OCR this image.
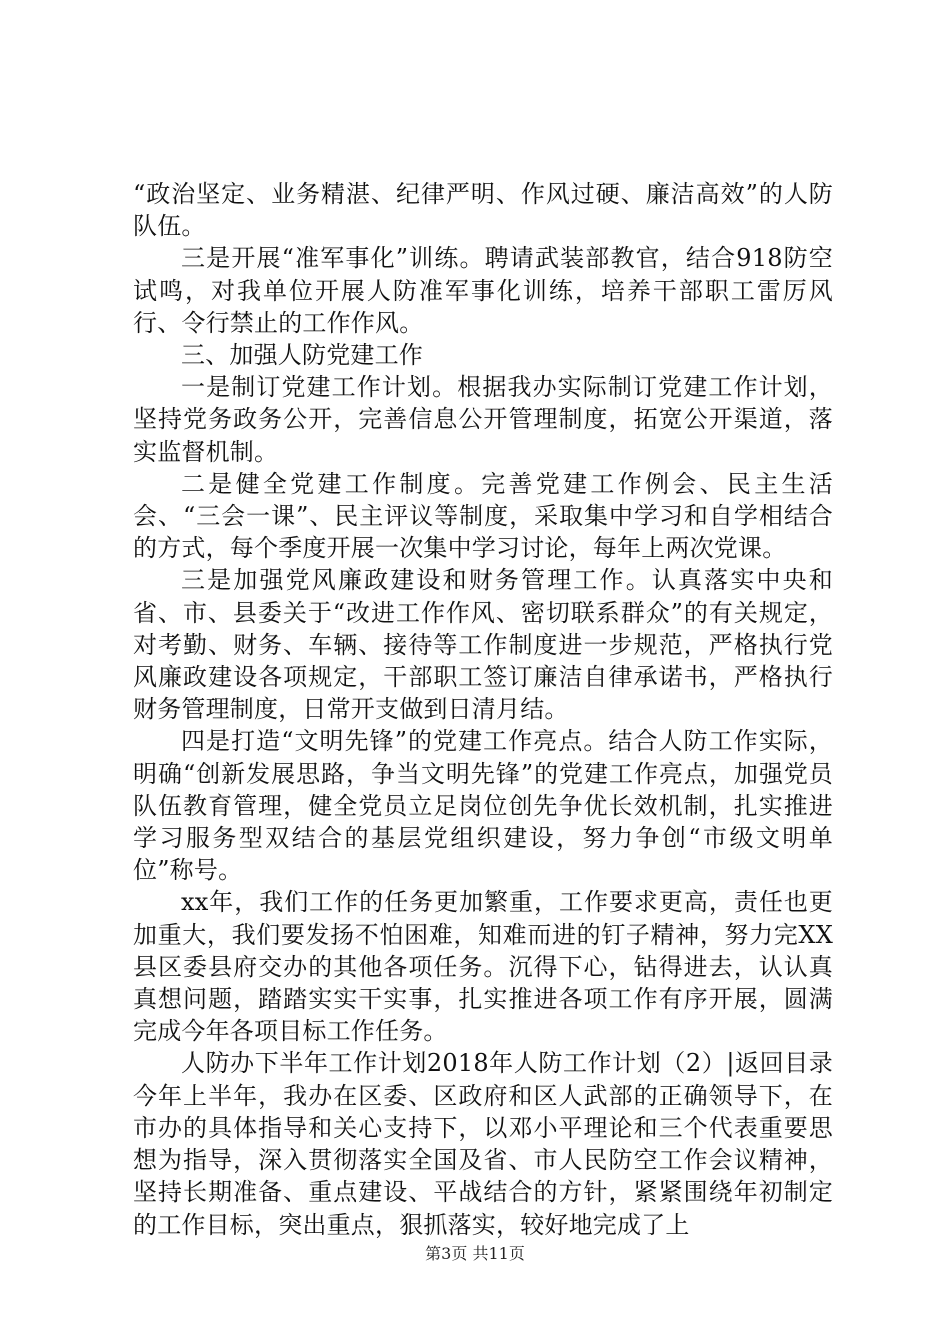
“政治坚定、业务精湛、纪律严明、作风过硬、廉洁高效”的人防队伍。

三是开展“准军事化”训练。聘请武装部教官，结合918防空试鸣，对我单位开展人防准军事化训练，培养干部职工雷厉风行、令行禁止的工作作风。

三、加强人防党建工作

一是制订党建工作计划。根据我办实际制订党建工作计划，坚持党务政务公开，完善信息公开管理制度，拓宽公开渠道，落实监督机制。

二是健全党建工作制度。完善党建工作例会、民主生活会、“三会一课”、民主评议等制度，采取集中学习和自学相结合的方式，每个季度开展一次集中学习讨论，每年上两次党课。

三是加强党风廉政建设和财务管理工作。认真落实中央和省、市、县委关于“改进工作作风、密切联系群众”的有关规定，对考勤、财务、车辆、接待等工作制度进一步规范，严格执行党风廉政建设各项规定，干部职工签订廉洁自律承诺书，严格执行财务管理制度，日常开支做到日清月结。

四是打造“文明先锋”的党建工作亮点。结合人防工作实际，明确“创新发展思路，争当文明先锋”的党建工作亮点，加强党员队伍教育管理，健全党员立足岗位创先争优长效机制，扎实推进学习服务型双结合的基层党组织建设，努力争创“市级文明单位”称号。

xx年，我们工作的任务更加繁重，工作要求更高，责任也更加重大，我们要发扬不怕困难，知难而进的钉子精神，努力完XX县区委县府交办的其他各项任务。沉得下心，钻得进去，认认真真想问题，踏踏实实干实事，扎实推进各项工作有序开展，圆满完成今年各项目标工作任务。

人防办下半年工作计划2018年人防工作计划（2）|返回目录今年上半年，我办在区委、区政府和区人武部的正确领导下，在市办的具体指导和关心支持下，以邓小平理论和三个代表重要思想为指导，深入贯彻落实全国及省、市人民防空工作会议精神，坚持长期准备、重点建设、平战结合的方针，紧紧围绕年初制定的工作目标，突出重点，狠抓落实，较好地完成了上

第3页 共11页
